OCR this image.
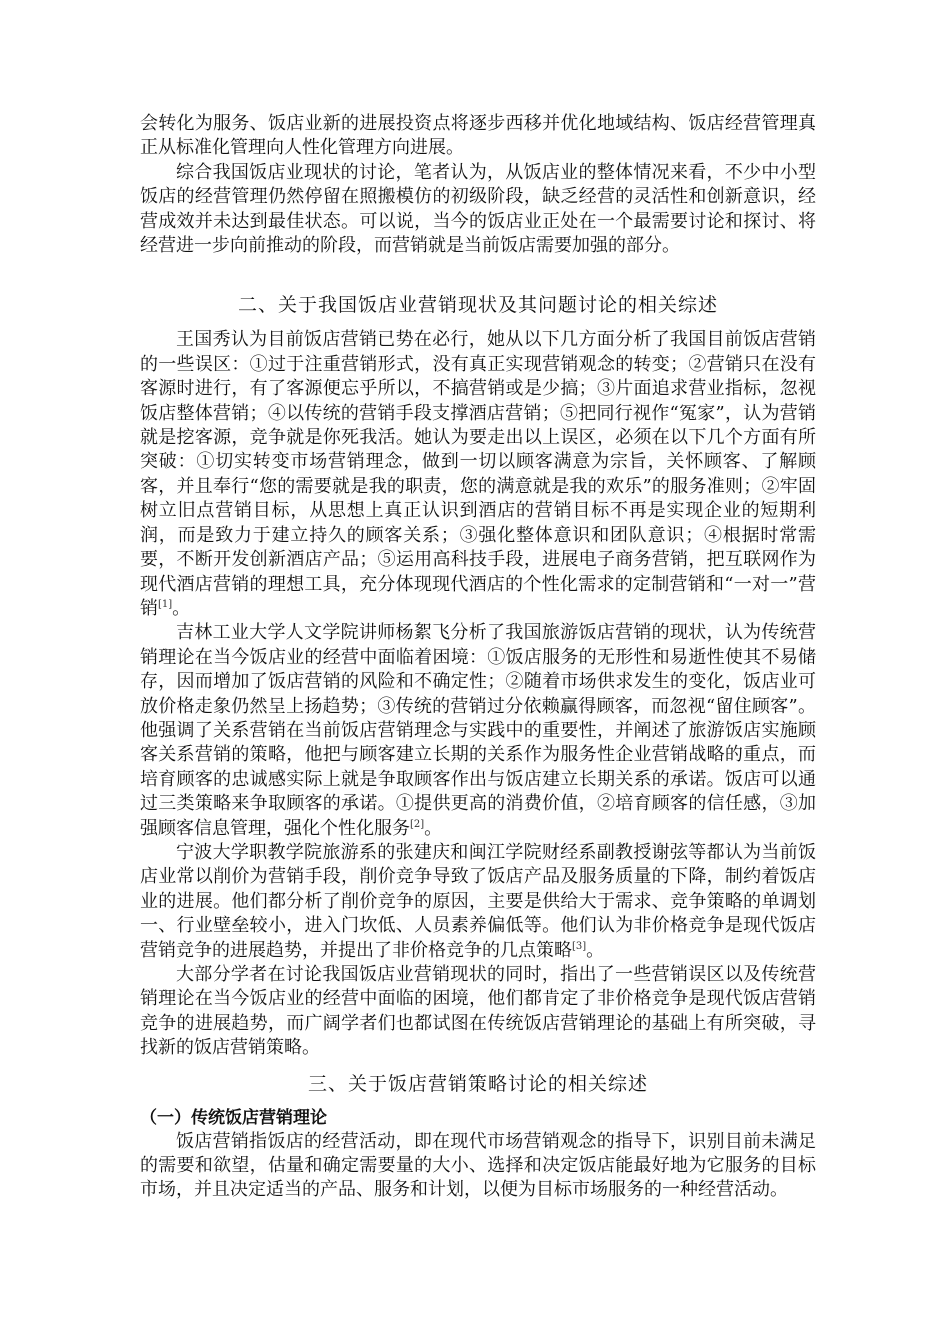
会转化为服务、饭店业新的进展投资点将逐步西移并优化地域结构、饭店经营管理真正从标准化管理向人性化管理方向进展。

综合我国饭店业现状的讨论，笔者认为，从饭店业的整体情况来看，不少中小型饭店的经营管理仍然停留在照搬模仿的初级阶段，缺乏经营的灵活性和创新意识，经营成效并未达到最佳状态。可以说，当今的饭店业正处在一个最需要讨论和探讨、将经营进一步向前推动的阶段，而营销就是当前饭店需要加强的部分。

二、关于我国饭店业营销现状及其问题讨论的相关综述

王国秀认为目前饭店营销已势在必行，她从以下几方面分析了我国目前饭店营销的一些误区：①过于注重营销形式，没有真正实现营销观念的转变；②营销只在没有客源时进行，有了客源便忘乎所以，不搞营销或是少搞；③片面追求营业指标，忽视饭店整体营销；④以传统的营销手段支撑酒店营销；⑤把同行视作“冤家”，认为营销就是挖客源，竞争就是你死我活。她认为要走出以上误区，必须在以下几个方面有所突破：①切实转变市场营销理念，做到一切以顾客满意为宗旨，关怀顾客、了解顾客，并且奉行“您的需要就是我的职责，您的满意就是我的欢乐”的服务准则；②牢固树立旧点营销目标，从思想上真正认识到酒店的营销目标不再是实现企业的短期利润，而是致力于建立持久的顾客关系；③强化整体意识和团队意识；④根据时常需要，不断开发创新酒店产品；⑤运用高科技手段，进展电子商务营销，把互联网作为现代酒店营销的理想工具，充分体现现代酒店的个性化需求的定制营销和“一对一”营销[1]。

吉林工业大学人文学院讲师杨絮飞分析了我国旅游饭店营销的现状，认为传统营销理论在当今饭店业的经营中面临着困境：①饭店服务的无形性和易逝性使其不易储存，因而增加了饭店营销的风险和不确定性；②随着市场供求发生的变化，饭店业可放价格走象仍然呈上扬趋势；③传统的营销过分依赖赢得顾客，而忽视“留住顾客”。他强调了关系营销在当前饭店营销理念与实践中的重要性，并阐述了旅游饭店实施顾客关系营销的策略，他把与顾客建立长期的关系作为服务性企业营销战略的重点，而培育顾客的忠诚感实际上就是争取顾客作出与饭店建立长期关系的承诺。饭店可以通过三类策略来争取顾客的承诺。①提供更高的消费价值，②培育顾客的信任感，③加强顾客信息管理，强化个性化服务[2]。

宁波大学职教学院旅游系的张建庆和闽江学院财经系副教授谢弦等都认为当前饭店业常以削价为营销手段，削价竞争导致了饭店产品及服务质量的下降，制约着饭店业的进展。他们都分析了削价竞争的原因，主要是供给大于需求、竞争策略的单调划一、行业壁垒较小，进入门坎低、人员素养偏低等。他们认为非价格竞争是现代饭店营销竞争的进展趋势，并提出了非价格竞争的几点策略[3]。

大部分学者在讨论我国饭店业营销现状的同时，指出了一些营销误区以及传统营销理论在当今饭店业的经营中面临的困境，他们都肯定了非价格竞争是现代饭店营销竞争的进展趋势，而广阔学者们也都试图在传统饭店营销理论的基础上有所突破，寻找新的饭店营销策略。

三、关于饭店营销策略讨论的相关综述
（一）传统饭店营销理论

饭店营销指饭店的经营活动，即在现代市场营销观念的指导下，识别目前未满足的需要和欲望，估量和确定需要量的大小、选择和决定饭店能最好地为它服务的目标市场，并且决定适当的产品、服务和计划，以便为目标市场服务的一种经营活动。
